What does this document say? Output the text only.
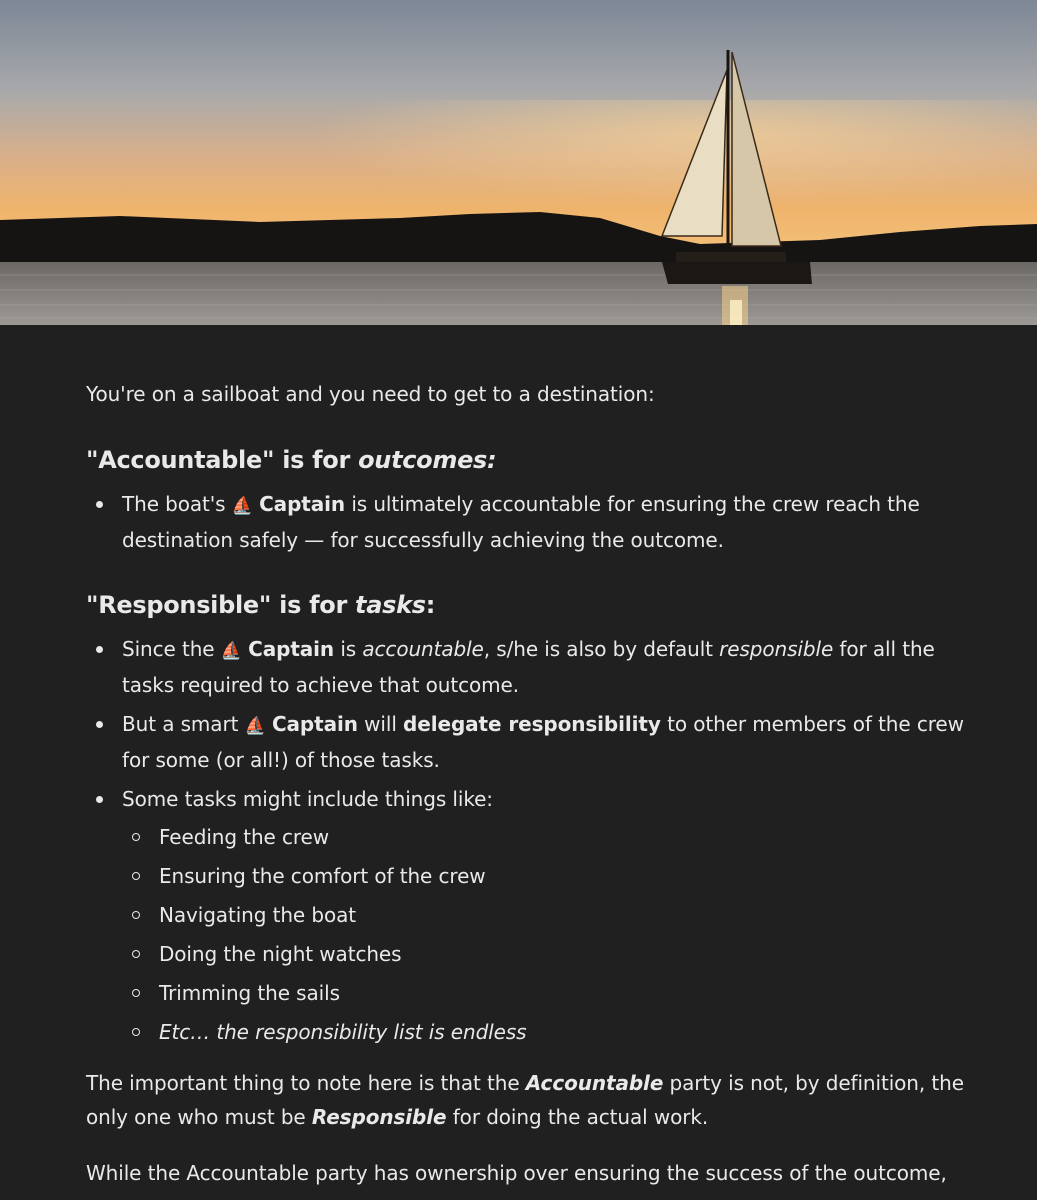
You're on a sailboat and you need to get to a destination:

"Accountable" is for outcomes:
The boat's ⛵ Captain is ultimately accountable for ensuring the crew reach the destination safely — for successfully achieving the outcome.
"Responsible" is for tasks:
Since the ⛵ Captain is accountable, s/he is also by default responsible for all the tasks required to achieve that outcome.
But a smart ⛵ Captain will delegate responsibility to other members of the crew for some (or all!) of those tasks.
Some tasks might include things like:
Feeding the crew
Ensuring the comfort of the crew
Navigating the boat
Doing the night watches
Trimming the sails
Etc… the responsibility list is endless

The important thing to note here is that the Accountable party is not, by definition, the only one who must be Responsible for doing the actual work.

While the Accountable party has ownership over ensuring the success of the outcome,
